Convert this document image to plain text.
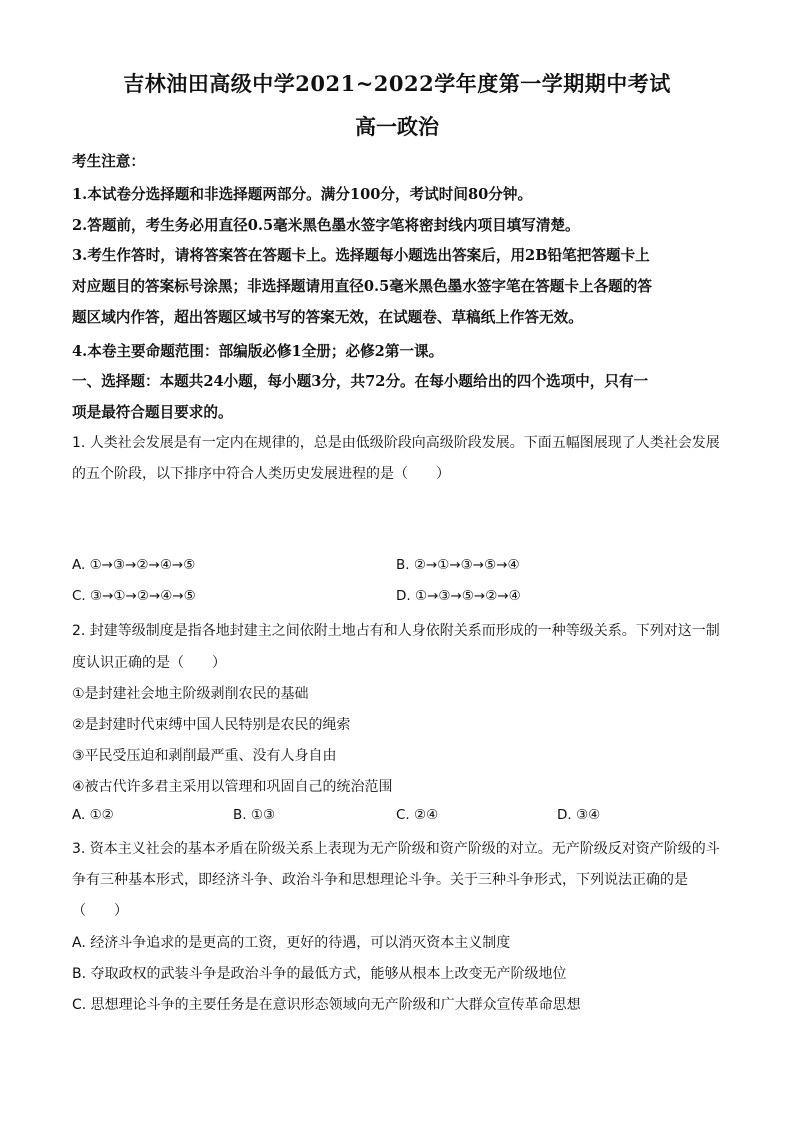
吉林油田高级中学2021~2022学年度第一学期期中考试
高一政治
考生注意：
1.本试卷分选择题和非选择题两部分。满分100分，考试时间80分钟。
2.答题前，考生务必用直径0.5毫米黑色墨水签字笔将密封线内项目填写清楚。
3.考生作答时，请将答案答在答题卡上。选择题每小题选出答案后，用2B铅笔把答题卡上
对应题目的答案标号涂黑；非选择题请用直径0.5毫米黑色墨水签字笔在答题卡上各题的答
题区域内作答，超出答题区域书写的答案无效，在试题卷、草稿纸上作答无效。
4.本卷主要命题范围：部编版必修1全册；必修2第一课。
一、选择题：本题共24小题，每小题3分，共72分。在每小题给出的四个选项中，只有一
项是最符合题目要求的。
1. 人类社会发展是有一定内在规律的，总是由低级阶段向高级阶段发展。下面五幅图展现了人类社会发展
的五个阶段，以下排序中符合人类历史发展进程的是（　　）
A. ①→③→②→④→⑤	B. ②→①→③→⑤→④
C. ③→①→②→④→⑤	D. ①→③→⑤→②→④
2. 封建等级制度是指各地封建主之间依附土地占有和人身依附关系而形成的一种等级关系。下列对这一制
度认识正确的是（　　）
①是封建社会地主阶级剥削农民的基础
②是封建时代束缚中国人民特别是农民的绳索
③平民受压迫和剥削最严重、没有人身自由
④被古代许多君主采用以管理和巩固自己的统治范围
A. ①②	B. ①③	C. ②④	D. ③④
3. 资本主义社会的基本矛盾在阶级关系上表现为无产阶级和资产阶级的对立。无产阶级反对资产阶级的斗
争有三种基本形式，即经济斗争、政治斗争和思想理论斗争。关于三种斗争形式，下列说法正确的是
（　　）
A. 经济斗争追求的是更高的工资，更好的待遇，可以消灭资本主义制度
B. 夺取政权的武装斗争是政治斗争的最低方式，能够从根本上改变无产阶级地位
C. 思想理论斗争的主要任务是在意识形态领域向无产阶级和广大群众宣传革命思想
